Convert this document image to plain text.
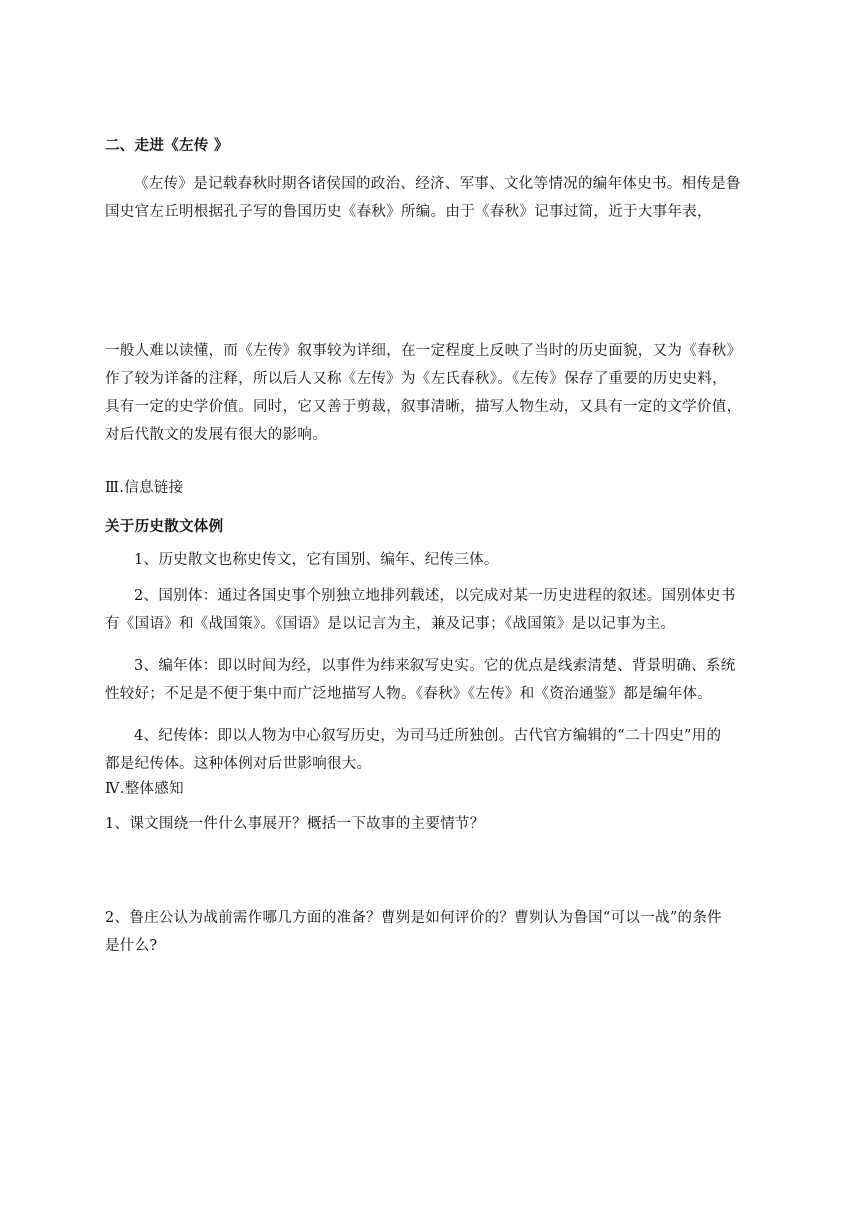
二、走进《左传 》
《左传》是记载春秋时期各诸侯国的政治、经济、军事、文化等情况的编年体史书。相传是鲁
国史官左丘明根据孔子写的鲁国历史《春秋》所编。由于《春秋》记事过简，近于大事年表，
一般人难以读懂，而《左传》叙事较为详细，在一定程度上反映了当时的历史面貌，又为《春秋》
作了较为详备的注释，所以后人又称《左传》为《左氏春秋》。《左传》保存了重要的历史史料，
具有一定的史学价值。同时，它又善于剪裁，叙事清晰，描写人物生动，又具有一定的文学价值，
对后代散文的发展有很大的影响。
Ⅲ.信息链接
关于历史散文体例
1、历史散文也称史传文，它有国别、编年、纪传三体。
2、国别体：通过各国史事个别独立地排列载述，以完成对某一历史进程的叙述。国别体史书
有《国语》和《战国策》。《国语》是以记言为主，兼及记事；《战国策》是以记事为主。
3、编年体：即以时间为经，以事件为纬来叙写史实。它的优点是线索清楚、背景明确、系统
性较好；不足是不便于集中而广泛地描写人物。《春秋》《左传》和《资治通鉴》都是编年体。
4、纪传体：即以人物为中心叙写历史，为司马迁所独创。古代官方编辑的“二十四史”用的
都是纪传体。这种体例对后世影响很大。
Ⅳ.整体感知
1、课文围绕一件什么事展开？概括一下故事的主要情节？
2、鲁庄公认为战前需作哪几方面的准备？曹刿是如何评价的？曹刿认为鲁国“可以一战”的条件
是什么?
